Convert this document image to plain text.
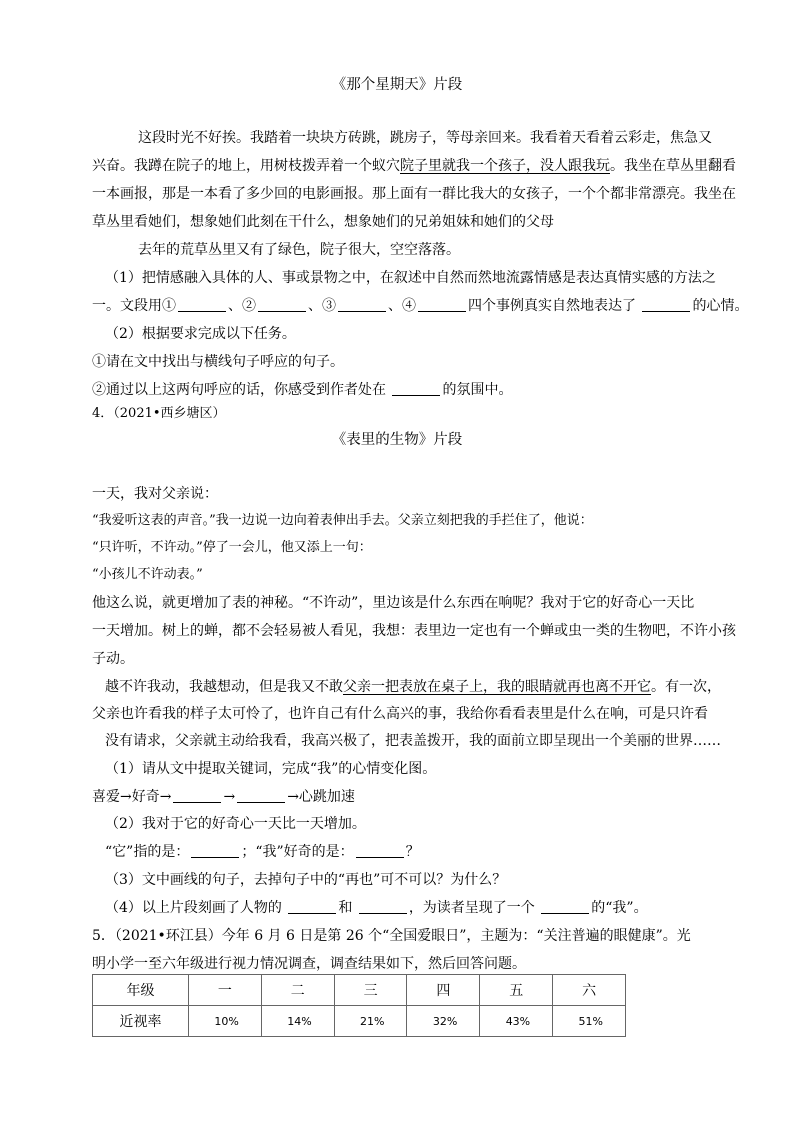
《那个星期天》片段
这段时光不好挨。我踏着一块块方砖跳，跳房子，等母亲回来。我看着天看着云彩走，焦急又
兴奋。我蹲在院子的地上，用树枝拨弄着一个蚁穴院子里就我一个孩子，没人跟我玩。我坐在草丛里翻看
一本画报，那是一本看了多少回的电影画报。那上面有一群比我大的女孩子，一个个都非常漂亮。我坐在
草丛里看她们，想象她们此刻在干什么，想象她们的兄弟姐妹和她们的父母
去年的荒草丛里又有了绿色，院子很大，空空落落。
（1）把情感融入具体的人、事或景物之中，在叙述中自然而然地流露情感是表达真情实感的方法之
一。文段用①	、②	、③	、④	四个事例真实自然地表达了	的心情。
（2）根据要求完成以下任务。
①请在文中找出与横线句子呼应的句子。
②通过以上这两句呼应的话，你感受到作者处在	的氛围中。
4．（2021•西乡塘区）
《表里的生物》片段
一天，我对父亲说：
“我爱听这表的声音。”我一边说一边向着表伸出手去。父亲立刻把我的手拦住了，他说：
“只许听，不许动。”停了一会儿，他又添上一句：
“小孩儿不许动表。”
他这么说，就更增加了表的神秘。“不许动”，里边该是什么东西在响呢？我对于它的好奇心一天比
一天增加。树上的蝉，都不会轻易被人看见，我想：表里边一定也有一个蝉或虫一类的生物吧，不许小孩
子动。
越不许我动，我越想动，但是我又不敢父亲一把表放在桌子上，我的眼睛就再也离不开它。有一次，
父亲也许看我的样子太可怜了，也许自己有什么高兴的事，我给你看看表里是什么在响，可是只许看
没有请求，父亲就主动给我看，我高兴极了，把表盖拨开，我的面前立即呈现出一个美丽的世界……
（1）请从文中提取关键词，完成“我”的心情变化图。
喜爱→好奇→	→	→心跳加速
（2）我对于它的好奇心一天比一天增加。
“它”指的是：	；“我”好奇的是：	？
（3）文中画线的句子，去掉句子中的“再也”可不可以？为什么？
（4）以上片段刻画了人物的	和	，为读者呈现了一个	的“我”。
5．（2021•环江县）今年 6 月 6 日是第 26 个“全国爱眼日”，主题为：“关注普遍的眼健康”。光
明小学一至六年级进行视力情况调查，调查结果如下，然后回答问题。
年级	一	二	三	四	五	六
近视率	10%	14%	21%	32%	43%	51%
